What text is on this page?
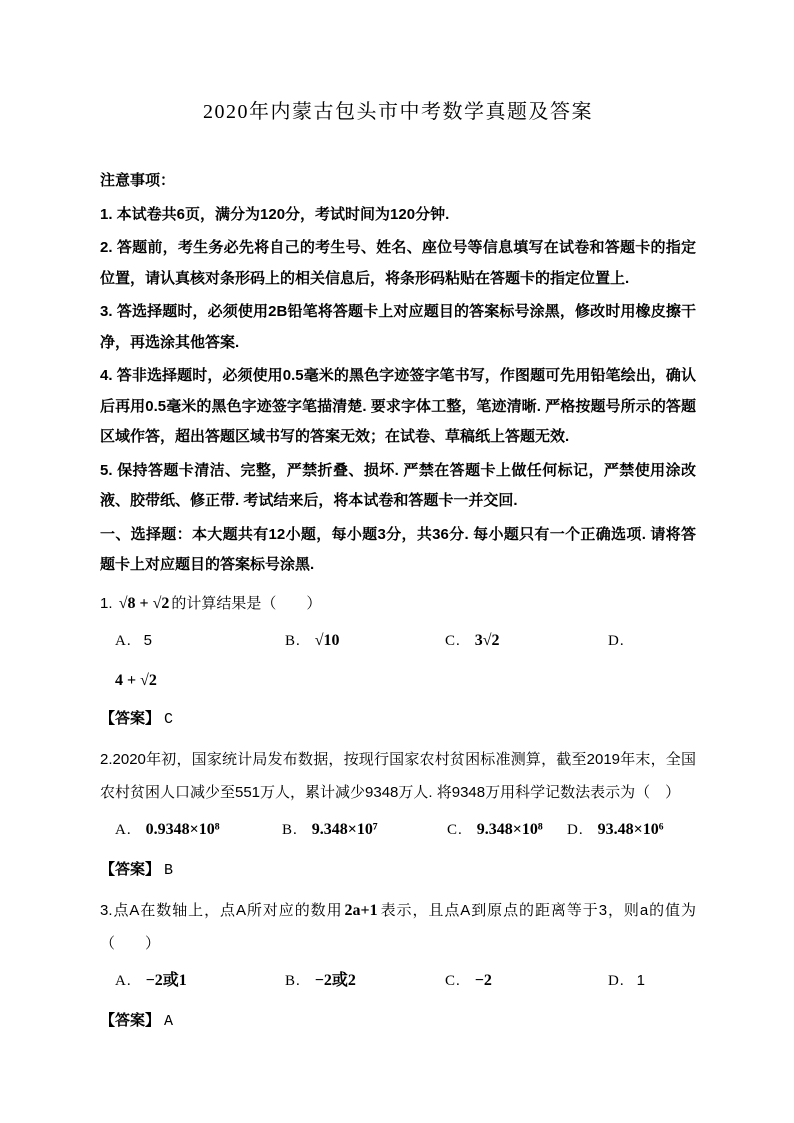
2020年内蒙古包头市中考数学真题及答案

注意事项：

1. 本试卷共6页，满分为120分，考试时间为120分钟.

2. 答题前，考生务必先将自己的考生号、姓名、座位号等信息填写在试卷和答题卡的指定位置，请认真核对条形码上的相关信息后，将条形码粘贴在答题卡的指定位置上.

3. 答选择题时，必须使用2B铅笔将答题卡上对应题目的答案标号涂黑，修改时用橡皮擦干净，再选涂其他答案.

4. 答非选择题时，必须使用0.5毫米的黑色字迹签字笔书写，作图题可先用铅笔绘出，确认后再用0.5毫米的黑色字迹签字笔描清楚. 要求字体工整，笔迹清晰. 严格按题号所示的答题区域作答，超出答题区域书写的答案无效；在试卷、草稿纸上答题无效.

5. 保持答题卡清洁、完整，严禁折叠、损坏. 严禁在答题卡上做任何标记，严禁使用涂改液、胶带纸、修正带. 考试结来后，将本试卷和答题卡一并交回.

一、选择题：本大题共有12小题，每小题3分，共36分. 每小题只有一个正确选项. 请将答题卡上对应题目的答案标号涂黑.

1. √8 + √2 的计算结果是（　　）

A. 5	B. √10	C. 3√2	D.

4 + √2

【答案】 C

2.2020年初，国家统计局发布数据，按现行国家农村贫困标准测算，截至2019年末，全国农村贫困人口减少至551万人，累计减少9348万人. 将9348万用科学记数法表示为（　）

A. 0.9348×10⁸	B. 9.348×10⁷	C. 9.348×10⁸	D. 93.48×10⁶

【答案】 B

3.点A在数轴上，点A所对应的数用 2a+1 表示，且点A到原点的距离等于3，则a的值为（　　）

A. −2或1	B. −2或2	C. −2	D. 1

【答案】 A
